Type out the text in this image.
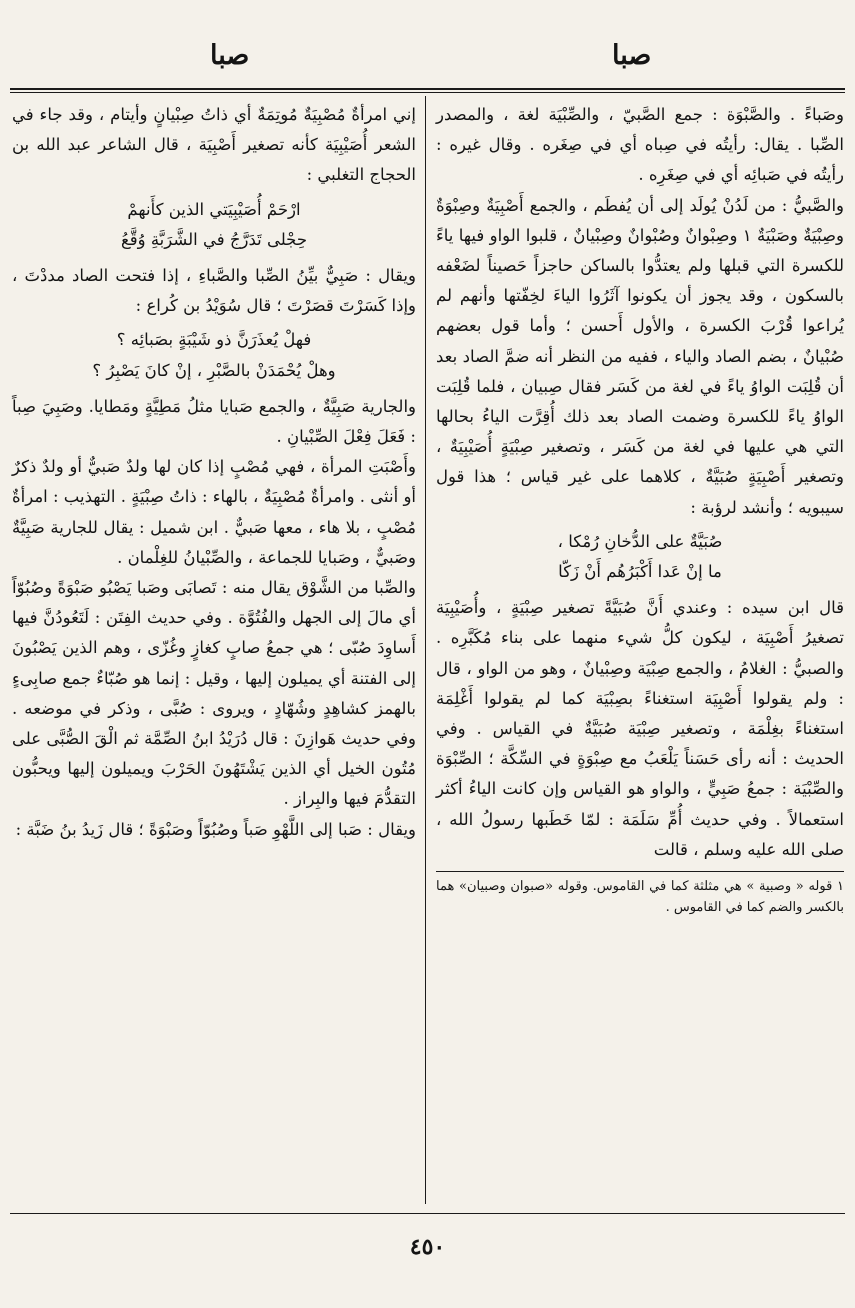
صبا
صبا

وصَباءً . والصَّبْوَة : جمع الصَّبيّ ، والصِّبْيَة لغة ، والمصدر الصِّبا . يقال: رأيتُه في صِباه أي في صِغَره . وقال غيره : رأيتُه في صَبائِه أي في صِغَرِه .

والصَّبيُّ : من لَدُنْ يُولَد إلى أن يُفطَم ، والجمع أَصْبِيَةٌ وصِبْوَةٌ وصِبْيَةٌ وصَبْيَةٌ ١ وصِبْوانٌ وصُبْوانٌ وصِبْيانٌ ، قلبوا الواو فيها ياءً للكسرة التي قبلها ولم يعتدُّوا بالساكن حاجزاً حَصيناً لضَعْفه بالسكون ، وقد يجوز أن يكونوا آثَرُوا الياءَ لخِفّتها وأنهم لم يُراعوا قُرْبَ الكسرة ، والأول أَحسن ؛ وأما قول بعضهم صُبْيانٌ ، بضم الصاد والياء ، ففيه من النظر أنه ضمَّ الصاد بعد أن قُلِبَت الواوُ ياءً في لغة من كَسَر فقال صِبيان ، فلما قُلِبَت الواوُ ياءً للكسرة وضمت الصاد بعد ذلك أُقِرَّت الياءُ بحالها التي هي عليها في لغة من كَسَر ، وتصغير صِبْيَةٍ أُصَيْبِيَةٌ ، وتصغير أَصْبِيَةٍ صُبَيَّةٌ ، كلاهما على غير قياس ؛ هذا قول سيبويه ؛ وأنشد لرؤبة :

صُبَيَّةٌ على الدُّخانِ رُمْكا ،
ما إنْ عَدا أَكْبَرُهُم أَنْ زَكّا

قال ابن سيده : وعندي أَنَّ صُبَيَّةً تصغير صِبْيَةٍ ، وأُصَيْبِيَة تصغيرُ أَصْبِيَة ، ليكون كلُّ شيء منهما على بناء مُكَبَّرِه . والصبيُّ : الغلامُ ، والجمع صِبْيَة وصِبْيانٌ ، وهو من الواو ، قال : ولم يقولوا أَصْبِيَة استغناءً بصِبْيَة كما لم يقولوا أَغْلِمَة استغناءً بغِلْمَة ، وتصغير صِبْيَة صُبَيَّةٌ في القياس . وفي الحديث : أنه رأى حَسَناً يَلْعَبُ مع صِبْوَةٍ في السِّكَّة ؛ الصِّبْوَة والصِّبْيَة : جمعُ صَبِيٍّ ، والواو هو القياس وإن كانت الياءُ أكثر استعمالاً . وفي حديث أُمِّ سَلَمَة : لمّا خَطَبها رسولُ الله ، صلى الله عليه وسلم ، قالت

١ قوله « وصبية » هي مثلثة كما في القاموس. وقوله «صبوان وصبيان» هما بالكسر والضم كما في القاموس .

إني امرأةٌ مُصْبِيَةٌ مُوتِمَةٌ أي ذاتُ صِبْيانٍ وأيتام ، وقد جاء في الشعر أُصَيْبِيَة كأنه تصغير أَصْبِيَة ، قال الشاعر عبد الله بن الحجاج التغلبي :

ارْحَمْ أُصَيْبِيَتي الذين كأَنهمْ
حِجْلى تَدَرَّجُ في الشَّرَبَّةِ وُقَّعُ

ويقال : صَبِيٌّ بيِّنُ الصِّبا والصَّباءِ ، إذا فتحت الصاد مددْتَ ، وإذا كَسَرْتَ قصَرْتَ ؛ قال سُوَيْدُ بن كُراع :

فهلْ يُعذَرَنَّ ذو شَيْبَةٍ بصَبائِه ؟
وهلْ يُحْمَدَنْ بالصَّبْرِ ، إنْ كانَ يَصْبِرُ ؟

والجارية صَبِيَّةٌ ، والجمع صَبايا مثلُ مَطِيَّةٍ ومَطايا. وصَبِيَ صِباً : فَعَلَ فِعْلَ الصِّبْيانِ .

وأَصْبَتِ المرأة ، فهي مُصْبٍ إذا كان لها ولدٌ صَبيٌّ أو ولدٌ ذكرٌ أو أنثى . وامرأةٌ مُصْبِيَةٌ ، بالهاء : ذاتُ صِبْيَةٍ . التهذيب : امرأةٌ مُصْبٍ ، بلا هاء ، معها صَبيٌّ . ابن شميل : يقال للجارية صَبِيَّةٌ وصَبيٌّ ، وصَبايا للجماعة ، والصِّبْيانُ للغِلْمان .

والصِّبا من الشَّوْق يقال منه : تَصابَى وصَبا يَصْبُو صَبْوَةً وصُبُوّاً أي مالَ إلى الجهل والفُتُوَّة . وفي حديث الفِتَن : لَتَعُودُنَّ فيها أَساوِدَ صُبّى ؛ هي جمعُ صابٍ كغازٍ وغُزّى ، وهم الذين يَصْبُونَ إلى الفتنة أي يميلون إليها ، وقيل : إنما هو صُبّاءٌ جمع صابِىءٍ بالهمز كشاهِدٍ وشُهّادٍ ، ويروى : صُبَّى ، وذكر في موضعه . وفي حديث هَوازِنَ : قال دُرَيْدُ ابنُ الصِّمَّة ثم الْقَ الصُّبَّى على مُتُون الخيل أي الذين يَشْتَهُونَ الحَرْبَ ويميلون إليها ويحبُّون التقدُّمَ فيها والبِراز .

ويقال : صَبا إلى اللَّهْوِ صَباً وصُبُوّاً وصَبْوَةً ؛ قال زَيدُ بنُ ضَبَّة :

٤٥٠
